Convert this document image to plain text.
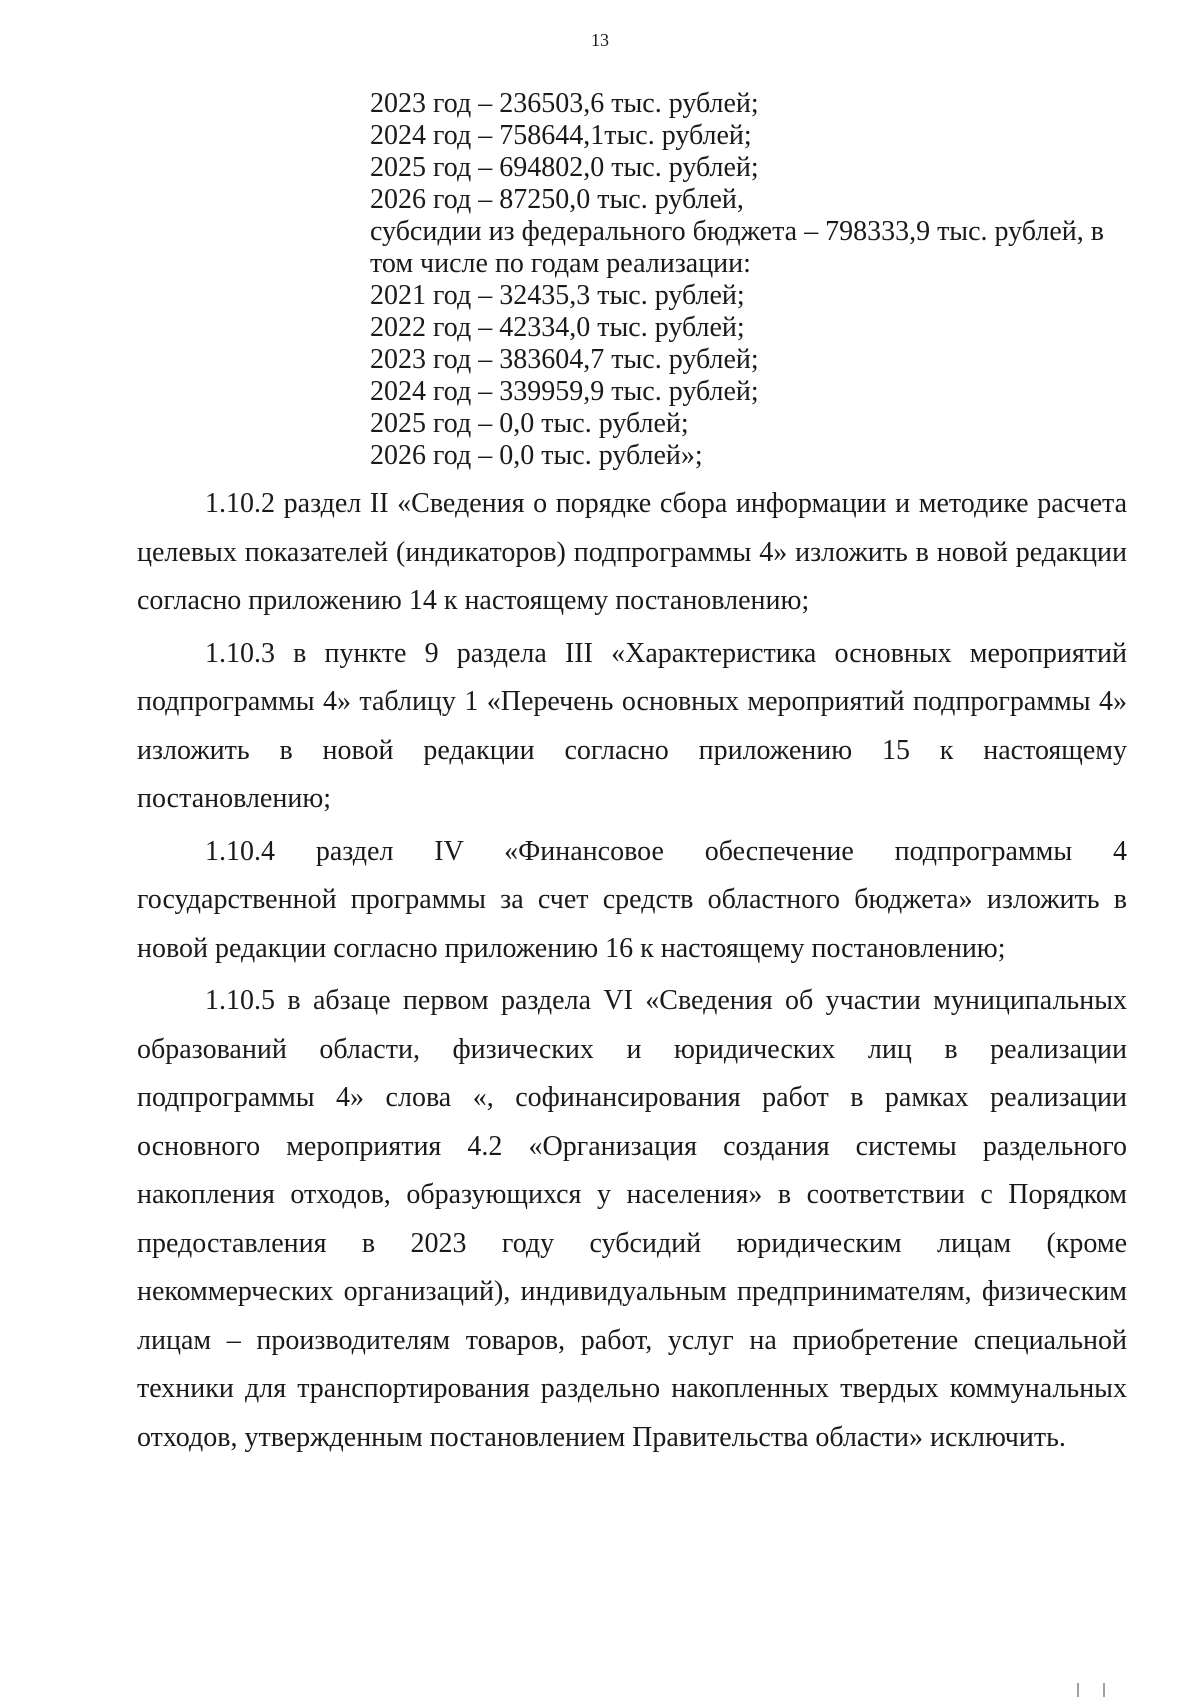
13
2023 год – 236503,6 тыс. рублей;
2024 год – 758644,1тыс. рублей;
2025 год – 694802,0 тыс. рублей;
2026 год – 87250,0 тыс. рублей,
субсидии из федерального бюджета – 798333,9 тыс. рублей, в том числе по годам реализации:
2021 год – 32435,3 тыс. рублей;
2022 год – 42334,0 тыс. рублей;
2023 год – 383604,7 тыс. рублей;
2024 год – 339959,9 тыс. рублей;
2025 год – 0,0 тыс. рублей;
2026 год – 0,0 тыс. рублей»;

1.10.2 раздел II «Сведения о порядке сбора информации и методике расчета целевых показателей (индикаторов) подпрограммы 4» изложить в новой редакции согласно приложению 14 к настоящему постановлению;

1.10.3 в пункте 9 раздела III «Характеристика основных мероприятий подпрограммы 4» таблицу 1 «Перечень основных мероприятий подпрограммы 4» изложить в новой редакции согласно приложению 15 к настоящему постановлению;

1.10.4 раздел IV «Финансовое обеспечение подпрограммы 4 государственной программы за счет средств областного бюджета» изложить в новой редакции согласно приложению 16 к настоящему постановлению;

1.10.5 в абзаце первом раздела VI «Сведения об участии муниципальных образований области, физических и юридических лиц в реализации подпрограммы 4» слова «, софинансирования работ в рамках реализации основного мероприятия 4.2 «Организация создания системы раздельного накопления отходов, образующихся у населения» в соответствии с Порядком предоставления в 2023 году субсидий юридическим лицам (кроме некоммерческих организаций), индивидуальным предпринимателям, физическим лицам – производителям товаров, работ, услуг на приобретение специальной техники для транспортирования раздельно накопленных твердых коммунальных отходов, утвержденным постановлением Правительства области» исключить.
